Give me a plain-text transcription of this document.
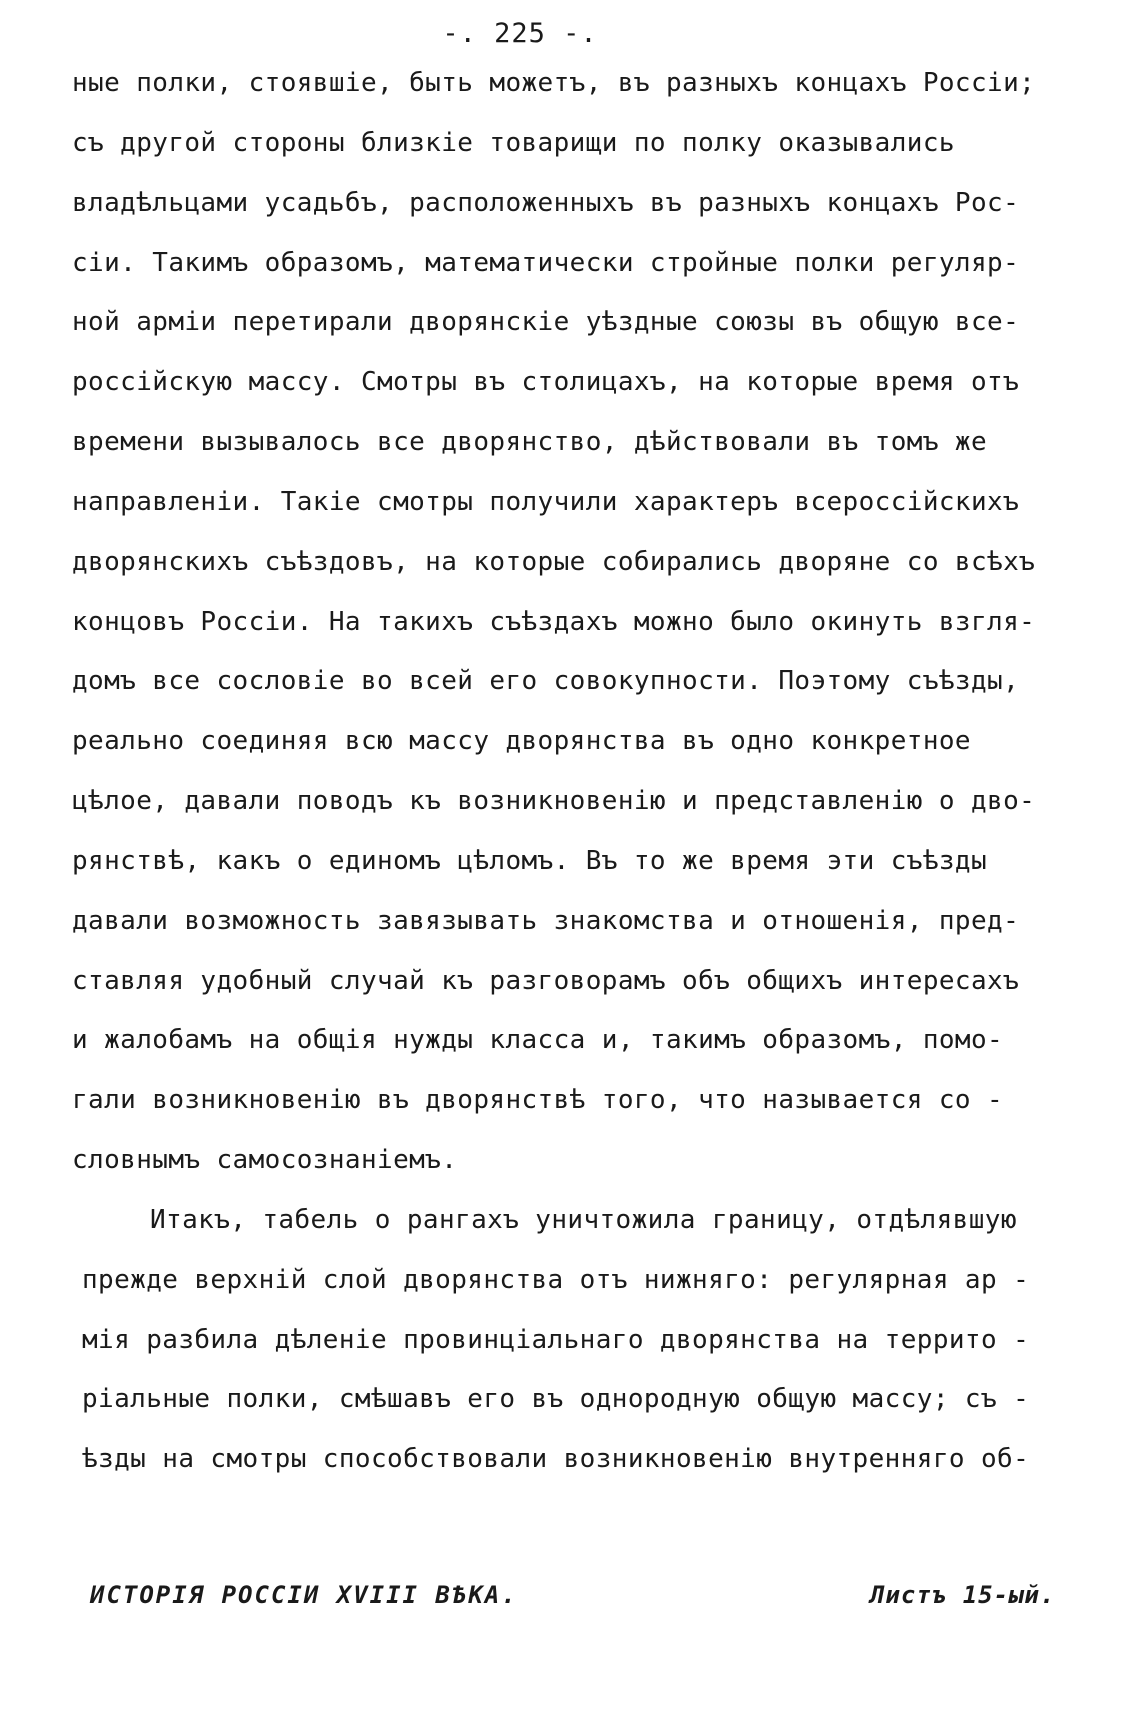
-. 225 -.
ные полки, стоявшіе, быть можетъ, въ разныхъ концахъ Россіи;
съ другой стороны близкіе товарищи по полку оказывались
владѣльцами усадьбъ, расположенныхъ въ разныхъ концахъ Рос-
сіи. Такимъ образомъ, математически стройные полки регуляр-
ной арміи перетирали дворянскіе уѣздные союзы въ общую все-
россійскую массу. Смотры въ столицахъ, на которые время отъ
времени вызывалось все дворянство, дѣйствовали въ томъ же
направленіи. Такіе смотры получили характеръ всероссійскихъ
дворянскихъ съѣздовъ, на которые собирались дворяне со всѣхъ
концовъ Россіи. На такихъ съѣздахъ можно было окинуть взгля-
домъ все сословіе во всей его совокупности. Поэтому съѣзды,
реально соединяя всю массу дворянства въ одно конкретное
цѣлое, давали поводъ къ возникновенію и представленію о дво-
рянствѣ, какъ о единомъ цѣломъ. Въ то же время эти съѣзды
давали возможность завязывать знакомства и отношенія, пред-
ставляя удобный случай къ разговорамъ объ общихъ интересахъ
и жалобамъ на общія нужды класса и, такимъ образомъ, помо-
гали возникновенію въ дворянствѣ того, что называется со -
словнымъ самосознаніемъ.
Итакъ, табель о рангахъ уничтожила границу, отдѣлявшую
прежде верхній слой дворянства отъ нижняго: регулярная ар -
мія разбила дѣленіе провинціальнаго дворянства на террито -
ріальные полки, смѣшавъ его въ однородную общую массу; съ -
ѣзды на смотры способствовали возникновенію внутренняго об-
ИСТОРІЯ РОССІИ XVIII ВѢКА.	Листъ 15-ый.
